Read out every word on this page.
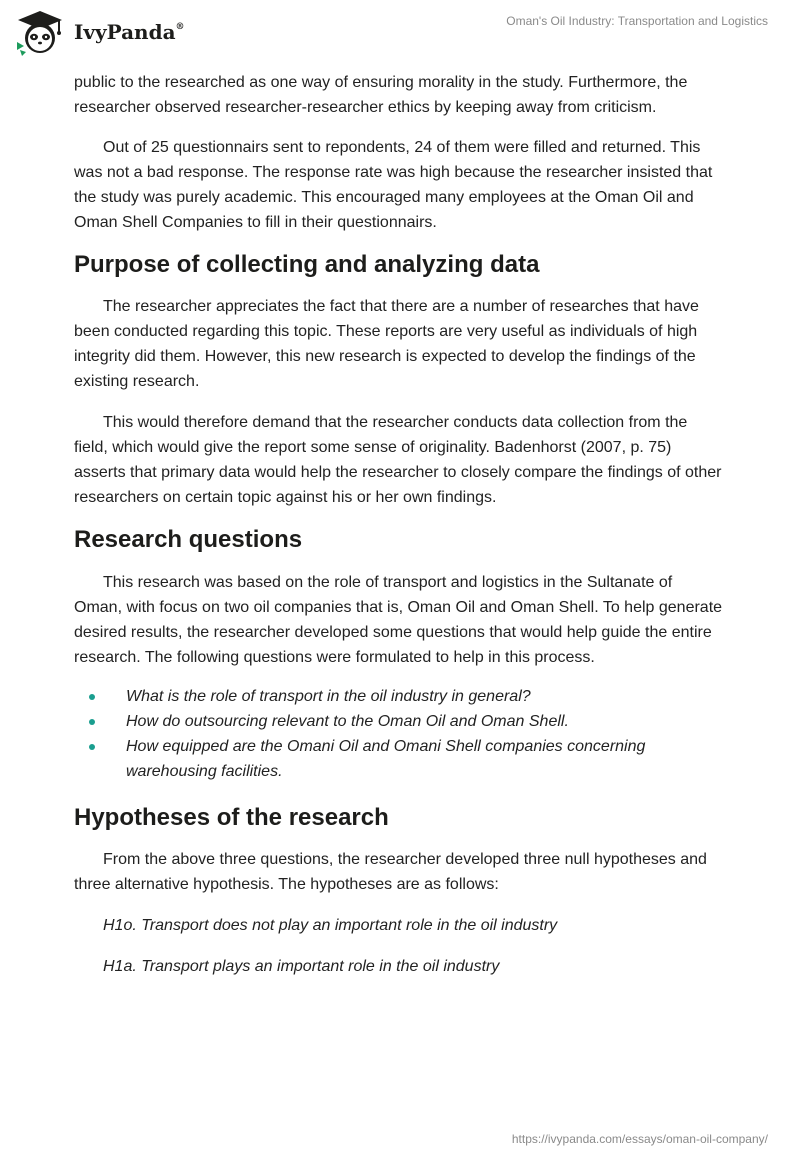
IvyPanda®	Oman's Oil Industry: Transportation and Logistics

public to the researched as one way of ensuring morality in the study. Furthermore, the researcher observed researcher-researcher ethics by keeping away from criticism.

Out of 25 questionnairs sent to repondents, 24 of them were filled and returned. This was not a bad response. The response rate was high because the researcher insisted that the study was purely academic. This encouraged many employees at the Oman Oil and Oman Shell Companies to fill in their questionnairs.

Purpose of collecting and analyzing data

The researcher appreciates the fact that there are a number of researches that have been conducted regarding this topic. These reports are very useful as individuals of high integrity did them. However, this new research is expected to develop the findings of the existing research.

This would therefore demand that the researcher conducts data collection from the field, which would give the report some sense of originality. Badenhorst (2007, p. 75) asserts that primary data would help the researcher to closely compare the findings of other researchers on certain topic against his or her own findings.

Research questions

This research was based on the role of transport and logistics in the Sultanate of Oman, with focus on two oil companies that is, Oman Oil and Oman Shell. To help generate desired results, the researcher developed some questions that would help guide the entire research. The following questions were formulated to help in this process.

What is the role of transport in the oil industry in general?
How do outsourcing relevant to the Oman Oil and Oman Shell.
How equipped are the Omani Oil and Omani Shell companies concerning warehousing facilities.
Hypotheses of the research

From the above three questions, the researcher developed three null hypotheses and three alternative hypothesis. The hypotheses are as follows:

H1o. Transport does not play an important role in the oil industry

H1a. Transport plays an important role in the oil industry

https://ivypanda.com/essays/oman-oil-company/
